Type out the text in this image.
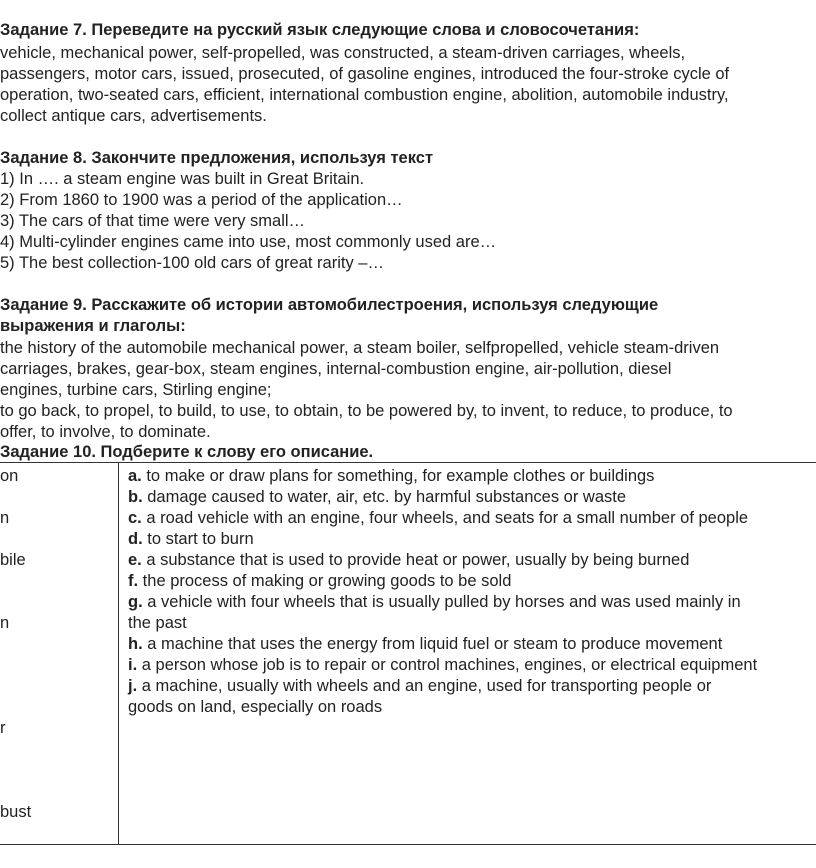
Задание 7. Переведите на русский язык следующие слова и словосочетания:
vehicle, mechanical power, self-propelled, was constructed, a steam-driven carriages, wheels,
passengers, motor cars, issued, prosecuted, of gasoline engines, introduced the four-stroke cycle of
operation, two-seated cars, efficient, international combustion engine, abolition, automobile industry,
collect antique cars, advertisements.
Задание 8. Закончите предложения, используя текст
1) In …. a steam engine was built in Great Britain.
2) From 1860 to 1900 was a period of the application…
3) The cars of that time were very small…
4) Multi-cylinder engines came into use, most commonly used are…
5) The best collection-100 old cars of great rarity –…
Задание 9. Расскажите об истории автомобилестроения, используя следующие
выражения и глаголы:
the history of the automobile mechanical power, a steam boiler, selfpropelled, vehicle steam-driven
carriages, brakes, gear-box, steam engines, internal-combustion engine, air-pollution, diesel
engines, turbine cars, Stirling engine;
to go back, to propel, to build, to use, to obtain, to be powered by, to invent, to reduce, to produce, to
offer, to involve, to dominate.
Задание 10. Подберите к слову его описание.
on
n
bile
n
r
bust
a. to make or draw plans for something, for example clothes or buildings
b. damage caused to water, air, etc. by harmful substances or waste
c. a road vehicle with an engine, four wheels, and seats for a small number of people
d. to start to burn
e. a substance that is used to provide heat or power, usually by being burned
f. the process of making or growing goods to be sold
g. a vehicle with four wheels that is usually pulled by horses and was used mainly in
the past
h. a machine that uses the energy from liquid fuel or steam to produce movement
i. a person whose job is to repair or control machines, engines, or electrical equipment
j. a machine, usually with wheels and an engine, used for transporting people or
goods on land, especially on roads
